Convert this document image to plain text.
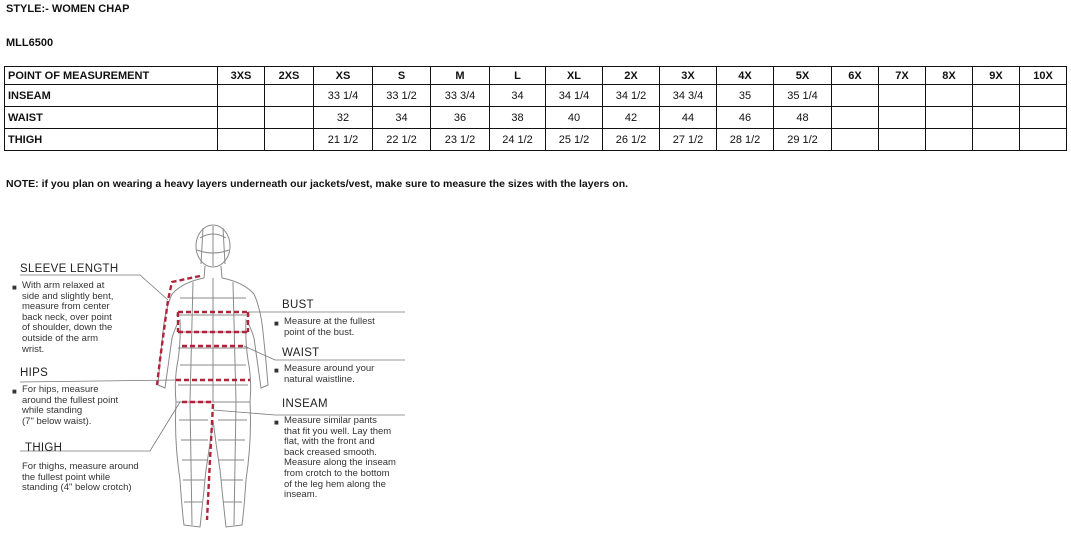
STYLE:- WOMEN CHAP
MLL6500
POINT OF MEASUREMENT	3XS	2XS	XS	S	M	L	XL	2X	3X	4X	5X	6X	7X	8X	9X	10X
INSEAM			33 1/4	33 1/2	33 3/4	34	34 1/4	34 1/2	34 3/4	35	35 1/4					
WAIST			32	34	36	38	40	42	44	46	48					
THIGH			21 1/2	22 1/2	23 1/2	24 1/2	25 1/2	26 1/2	27 1/2	28 1/2	29 1/2					
NOTE: if you plan on wearing a heavy layers underneath our jackets/vest, make sure to measure the sizes with the layers on.
SLEEVE LENGTH
■ With arm relaxed at
side and slightly bent,
measure from center
back neck, over point
of shoulder, down the
outside of the arm
wrist.
HIPS
■ For hips, measure
around the fullest point
while standing
(7" below waist).
THIGH
For thighs, measure around
the fullest point while
standing (4" below crotch)
BUST
■ Measure at the fullest
point of the bust.
WAIST
■ Measure around your
natural waistline.
INSEAM
■ Measure similar pants
that fit you well. Lay them
flat, with the front and
back creased smooth.
Measure along the inseam
from crotch to the bottom
of the leg hem along the
inseam.
